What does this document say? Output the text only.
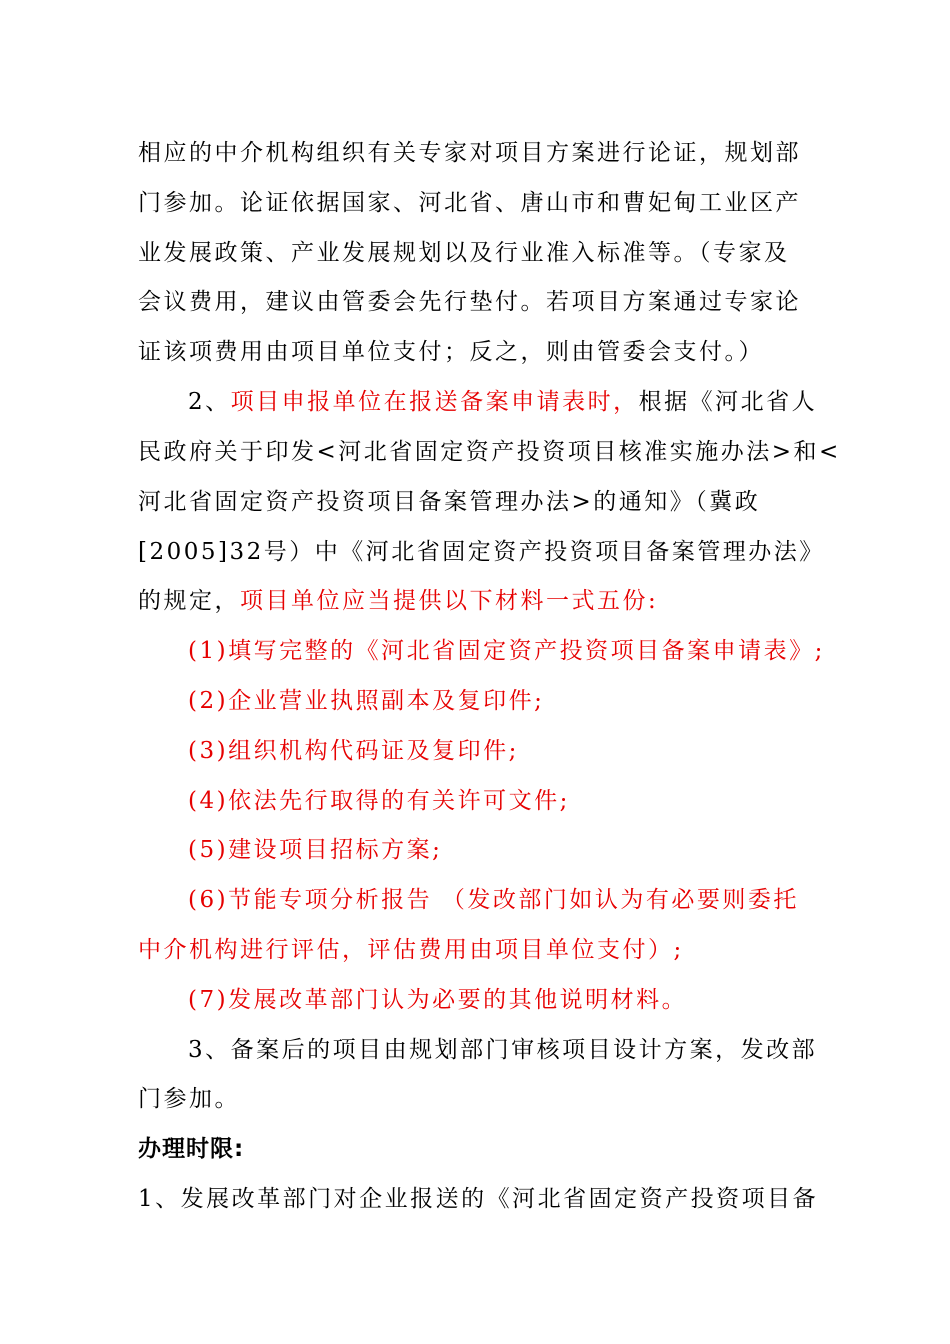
相应的中介机构组织有关专家对项目方案进行论证，规划部
门参加。论证依据国家、河北省、唐山市和曹妃甸工业区产
业发展政策、产业发展规划以及行业准入标准等。（专家及
会议费用，建议由管委会先行垫付。若项目方案通过专家论
证该项费用由项目单位支付；反之，则由管委会支付。）
2、项目申报单位在报送备案申请表时，根据《河北省人
民政府关于印发<河北省固定资产投资项目核准实施办法>和<
河北省固定资产投资项目备案管理办法>的通知》（冀政
[2005]32号）中《河北省固定资产投资项目备案管理办法》
的规定，项目单位应当提供以下材料一式五份:
(1)填写完整的《河北省固定资产投资项目备案申请表》;
(2)企业营业执照副本及复印件;
(3)组织机构代码证及复印件;
(4)依法先行取得的有关许可文件;
(5)建设项目招标方案;
(6)节能专项分析报告 （发改部门如认为有必要则委托
中介机构进行评估，评估费用由项目单位支付）;
(7)发展改革部门认为必要的其他说明材料。
3、备案后的项目由规划部门审核项目设计方案，发改部
门参加。
办理时限:
1、发展改革部门对企业报送的《河北省固定资产投资项目备
